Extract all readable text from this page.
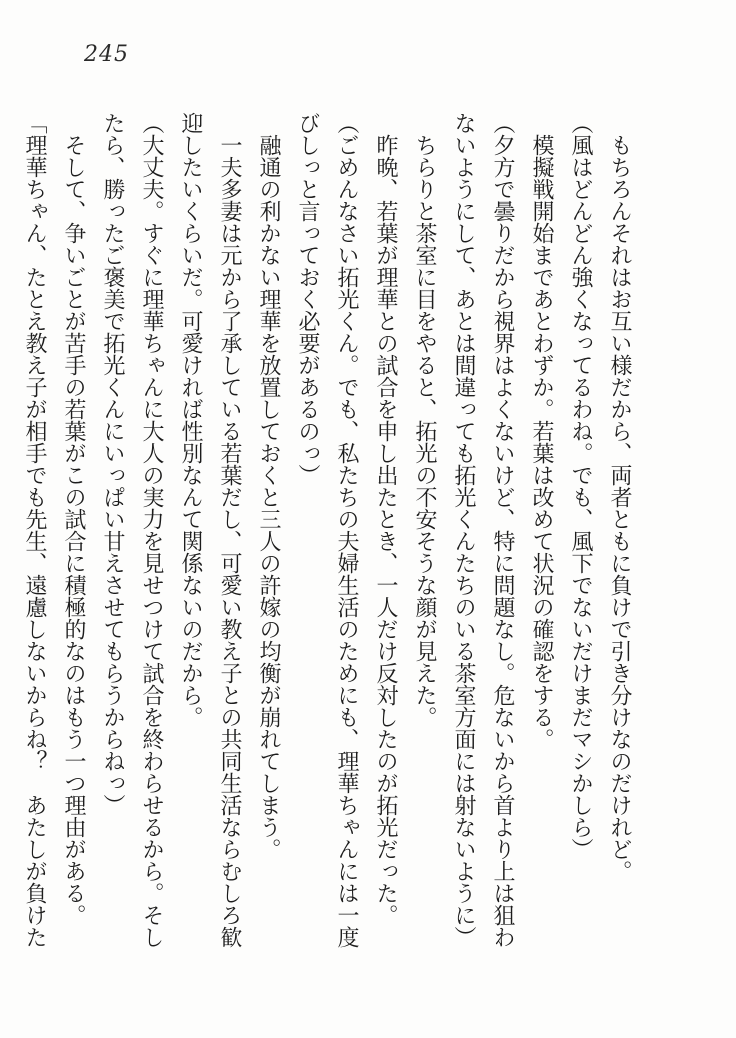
245

もちろんそれはお互い様だから、両者ともに負けで引き分けなのだけれど。

（風はどんどん強くなってるわね。でも、風下でないだけまだマシかしら）

模擬戦開始まであとわずか。若葉は改めて状況の確認をする。

（夕方で曇りだから視界はよくないけど、特に問題なし。危ないから首より上は狙わないようにして、あとは間違っても拓光くんたちのいる茶室方面には射ないように）

ちらりと茶室に目をやると、拓光の不安そうな顔が見えた。

昨晩、若葉が理華との試合を申し出たとき、一人だけ反対したのが拓光だった。

（ごめんなさい拓光くん。でも、私たちの夫婦生活のためにも、理華ちゃんには一度びしっと言っておく必要があるのっ）

融通の利かない理華を放置しておくと三人の許嫁の均衡が崩れてしまう。

一夫多妻は元から了承している若葉だし、可愛い教え子との共同生活ならむしろ歓迎したいくらいだ。可愛ければ性別なんて関係ないのだから。

（大丈夫。すぐに理華ちゃんに大人の実力を見せつけて試合を終わらせるから。そしたら、勝ったご褒美で拓光くんにいっぱい甘えさせてもらうからねっ）

そして、争いごとが苦手の若葉がこの試合に積極的なのはもう一つ理由がある。

「理華ちゃん、たとえ教え子が相手でも先生、遠慮しないからね？　あたしが負けた
